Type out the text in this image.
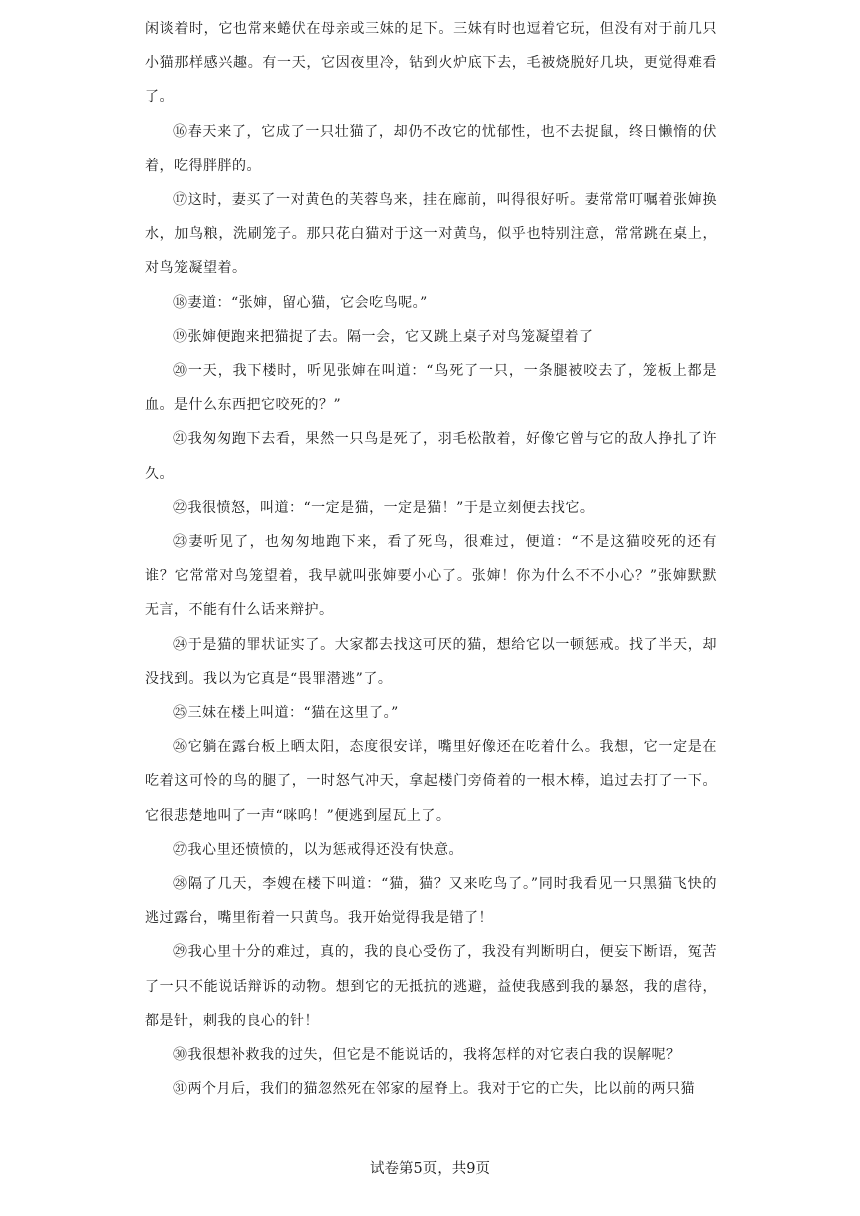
闲谈着时，它也常来蜷伏在母亲或三妹的足下。三妹有时也逗着它玩，但没有对于前几只小猫那样感兴趣。有一天，它因夜里冷，钻到火炉底下去，毛被烧脱好几块，更觉得难看了。

⑯春天来了，它成了一只壮猫了，却仍不改它的忧郁性，也不去捉鼠，终日懒惰的伏着，吃得胖胖的。

⑰这时，妻买了一对黄色的芙蓉鸟来，挂在廊前，叫得很好听。妻常常叮嘱着张婶换水，加鸟粮，洗刷笼子。那只花白猫对于这一对黄鸟，似乎也特别注意，常常跳在桌上，对鸟笼凝望着。

⑱妻道：“张婶，留心猫，它会吃鸟呢。”

⑲张婶便跑来把猫捉了去。隔一会，它又跳上桌子对鸟笼凝望着了

⑳一天，我下楼时，听见张婶在叫道：“鸟死了一只，一条腿被咬去了，笼板上都是血。是什么东西把它咬死的？”

㉑我匆匆跑下去看，果然一只鸟是死了，羽毛松散着，好像它曾与它的敌人挣扎了许久。

㉒我很愤怒，叫道：“一定是猫，一定是猫！”于是立刻便去找它。

㉓妻听见了，也匆匆地跑下来，看了死鸟，很难过，便道：“不是这猫咬死的还有谁？它常常对鸟笼望着，我早就叫张婶要小心了。张婶！你为什么不不小心？”张婶默默无言，不能有什么话来辩护。

㉔于是猫的罪状证实了。大家都去找这可厌的猫，想给它以一顿惩戒。找了半天，却没找到。我以为它真是“畏罪潜逃”了。

㉕三妹在楼上叫道：“猫在这里了。”

㉖它躺在露台板上晒太阳，态度很安详，嘴里好像还在吃着什么。我想，它一定是在吃着这可怜的鸟的腿了，一时怒气冲天，拿起楼门旁倚着的一根木棒，追过去打了一下。它很悲楚地叫了一声“咪呜！”便逃到屋瓦上了。

㉗我心里还愤愤的，以为惩戒得还没有快意。

㉘隔了几天，李嫂在楼下叫道：“猫，猫？又来吃鸟了。”同时我看见一只黑猫飞快的逃过露台，嘴里衔着一只黄鸟。我开始觉得我是错了！

㉙我心里十分的难过，真的，我的良心受伤了，我没有判断明白，便妄下断语，冤苦了一只不能说话辩诉的动物。想到它的无抵抗的逃避，益使我感到我的暴怒，我的虐待，都是针，刺我的良心的针！

㉚我很想补救我的过失，但它是不能说话的，我将怎样的对它表白我的误解呢？

㉛两个月后，我们的猫忽然死在邻家的屋脊上。我对于它的亡失，比以前的两只猫

试卷第5页，共9页
